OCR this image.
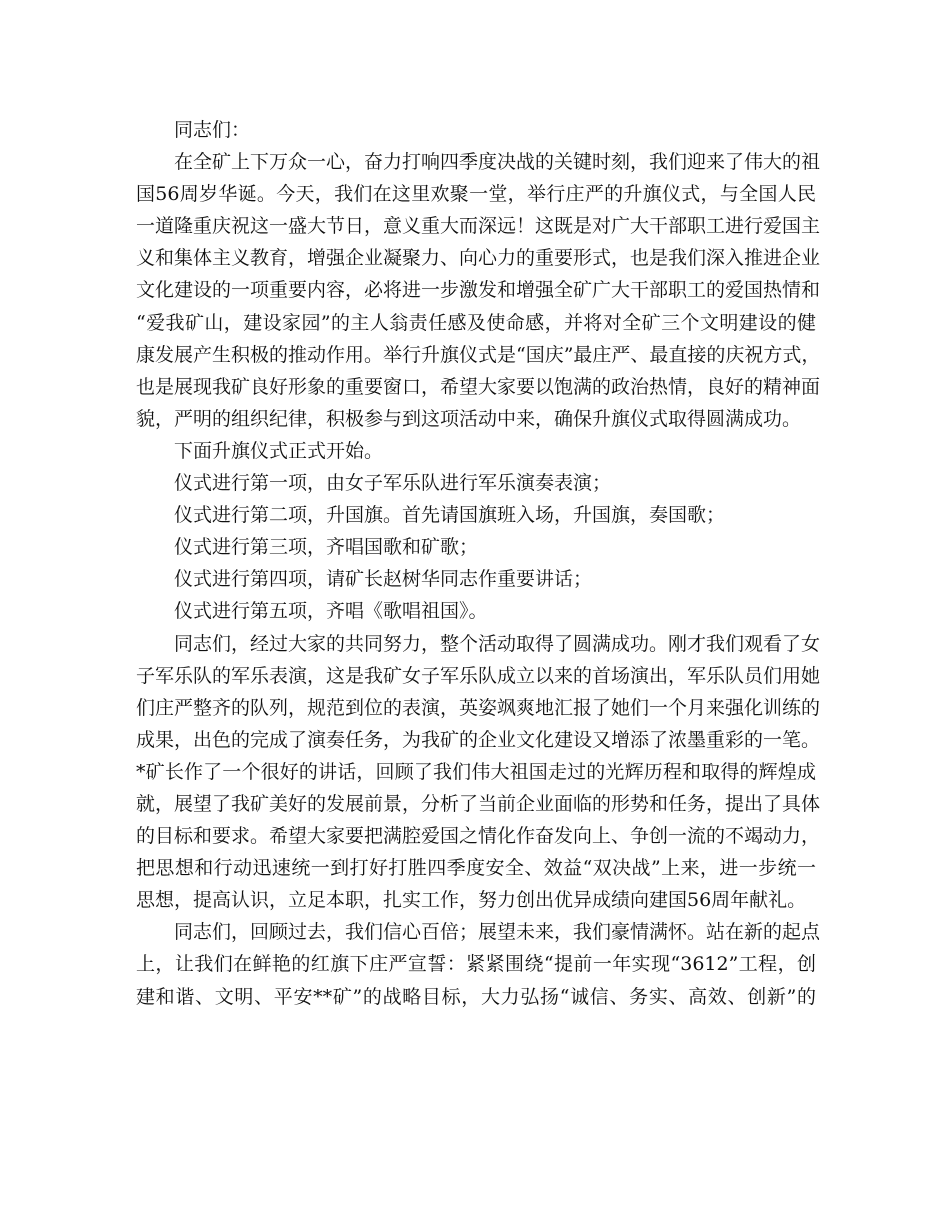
同志们：
在全矿上下万众一心，奋力打响四季度决战的关键时刻，我们迎来了伟大的祖
国56周岁华诞。今天，我们在这里欢聚一堂，举行庄严的升旗仪式，与全国人民
一道隆重庆祝这一盛大节日，意义重大而深远！这既是对广大干部职工进行爱国主
义和集体主义教育，增强企业凝聚力、向心力的重要形式，也是我们深入推进企业
文化建设的一项重要内容，必将进一步激发和增强全矿广大干部职工的爱国热情和
“爱我矿山，建设家园”的主人翁责任感及使命感，并将对全矿三个文明建设的健
康发展产生积极的推动作用。举行升旗仪式是“国庆”最庄严、最直接的庆祝方式，
也是展现我矿良好形象的重要窗口，希望大家要以饱满的政治热情，良好的精神面
貌，严明的组织纪律，积极参与到这项活动中来，确保升旗仪式取得圆满成功。
下面升旗仪式正式开始。
仪式进行第一项，由女子军乐队进行军乐演奏表演；
仪式进行第二项，升国旗。首先请国旗班入场，升国旗，奏国歌；
仪式进行第三项，齐唱国歌和矿歌；
仪式进行第四项，请矿长赵树华同志作重要讲话；
仪式进行第五项，齐唱《歌唱祖国》。
同志们，经过大家的共同努力，整个活动取得了圆满成功。刚才我们观看了女
子军乐队的军乐表演，这是我矿女子军乐队成立以来的首场演出，军乐队员们用她
们庄严整齐的队列，规范到位的表演，英姿飒爽地汇报了她们一个月来强化训练的
成果，出色的完成了演奏任务，为我矿的企业文化建设又增添了浓墨重彩的一笔。
*矿长作了一个很好的讲话，回顾了我们伟大祖国走过的光辉历程和取得的辉煌成
就，展望了我矿美好的发展前景，分析了当前企业面临的形势和任务，提出了具体
的目标和要求。希望大家要把满腔爱国之情化作奋发向上、争创一流的不竭动力，
把思想和行动迅速统一到打好打胜四季度安全、效益“双决战”上来，进一步统一
思想，提高认识，立足本职，扎实工作，努力创出优异成绩向建国56周年献礼。
同志们，回顾过去，我们信心百倍；展望未来，我们豪情满怀。站在新的起点
上，让我们在鲜艳的红旗下庄严宣誓：紧紧围绕“提前一年实现“3612”工程，创
建和谐、文明、平安**矿”的战略目标，大力弘扬“诚信、务实、高效、创新”的
